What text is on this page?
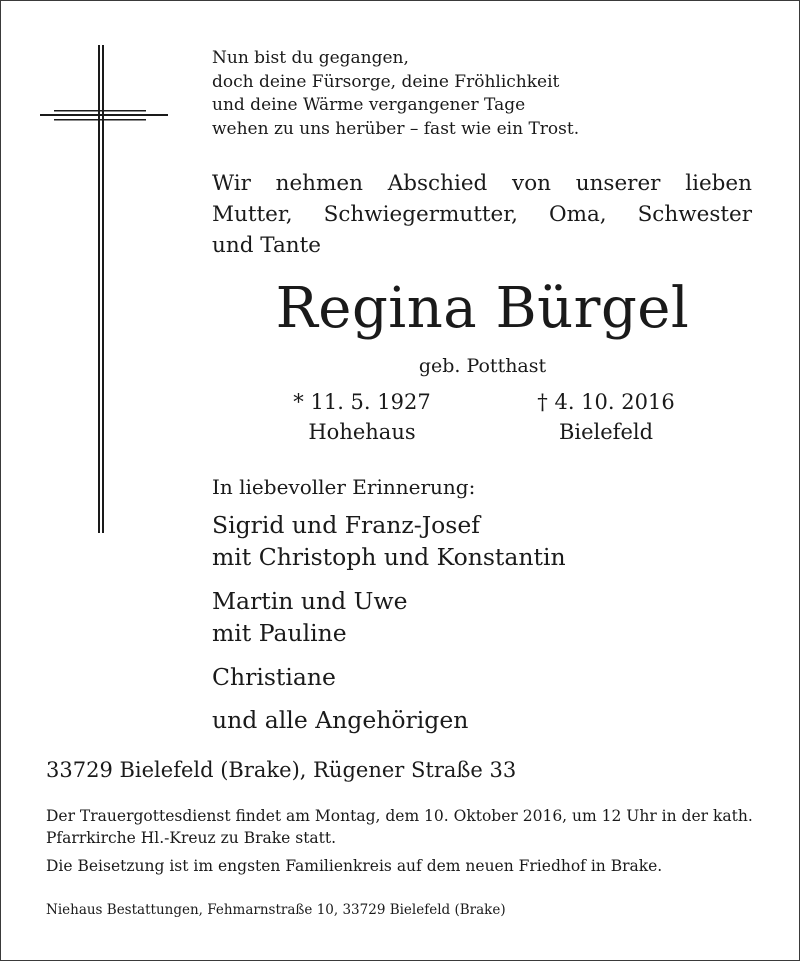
Nun bist du gegangen,
doch deine Fürsorge, deine Fröhlichkeit
und deine Wärme vergangener Tage
wehen zu uns herüber – fast wie ein Trost.
Wir nehmen Abschied von unserer lieben
Mutter, Schwiegermutter, Oma, Schwester
und Tante
Regina Bürgel
geb. Potthast
* 11. 5. 1927
Hohehaus
† 4. 10. 2016
Bielefeld
In liebevoller Erinnerung:
Sigrid und Franz-Josef
mit Christoph und Konstantin
Martin und Uwe
mit Pauline
Christiane
und alle Angehörigen
33729 Bielefeld (Brake), Rügener Straße 33

Der Trauergottesdienst findet am Montag, dem 10. Oktober 2016, um 12 Uhr in der kath. Pfarrkirche Hl.-Kreuz zu Brake statt.

Die Beisetzung ist im engsten Familienkreis auf dem neuen Friedhof in Brake.

Niehaus Bestattungen, Fehmarnstraße 10, 33729 Bielefeld (Brake)
